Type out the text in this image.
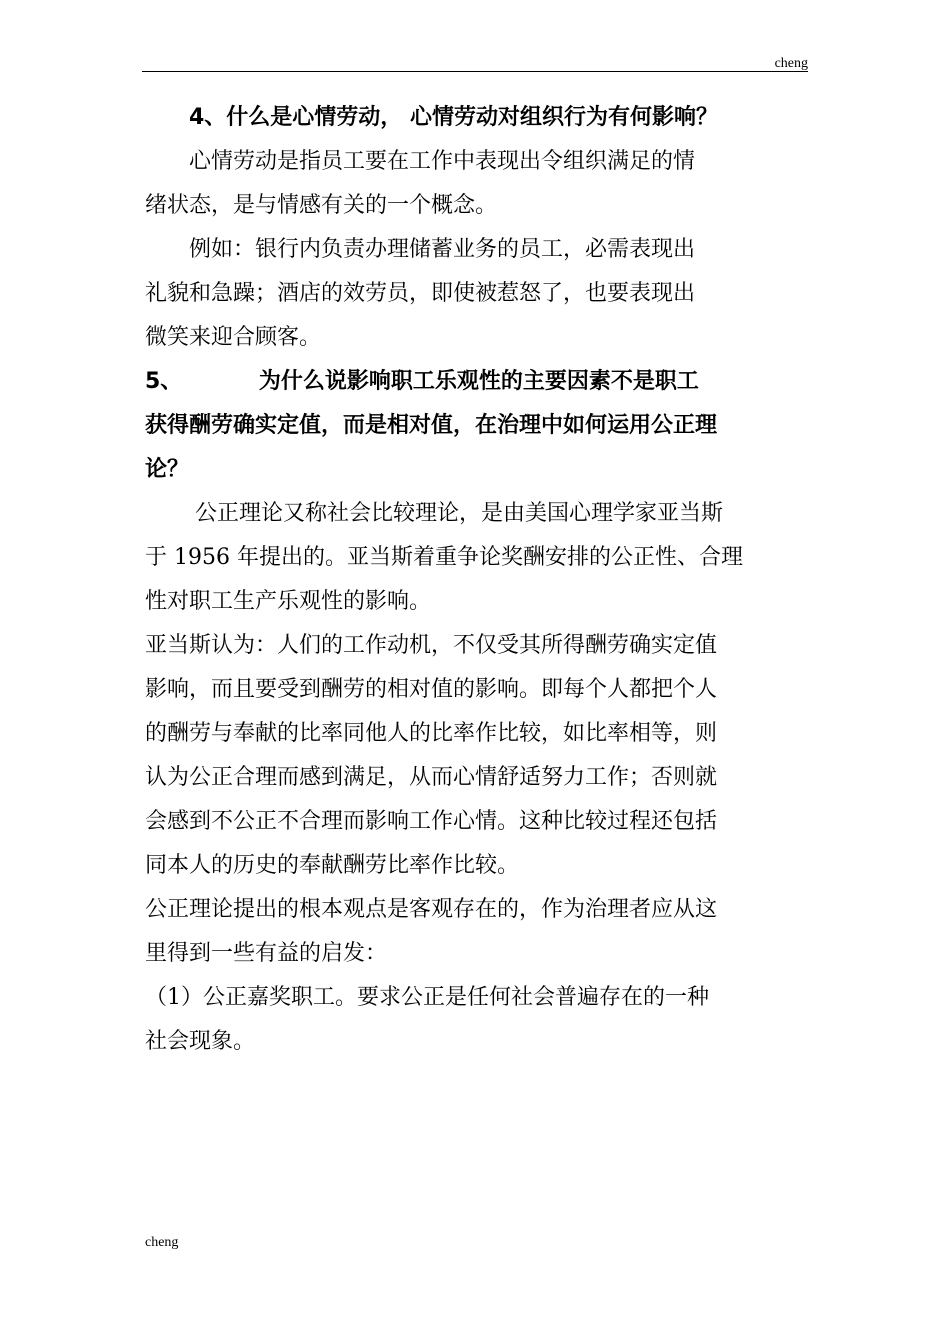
cheng
4、什么是心情劳动， 心情劳动对组织行为有何影响？
心情劳动是指员工要在工作中表现出令组织满足的情
绪状态，是与情感有关的一个概念。
例如：银行内负责办理储蓄业务的员工，必需表现出
礼貌和急躁；酒店的效劳员，即使被惹怒了，也要表现出
微笑来迎合顾客。
5、          为什么说影响职工乐观性的主要因素不是职工
获得酬劳确实定值，而是相对值，在治理中如何运用公正理
论？
公正理论又称社会比较理论，是由美国心理学家亚当斯
于 1956 年提出的。亚当斯着重争论奖酬安排的公正性、合理
性对职工生产乐观性的影响。
亚当斯认为：人们的工作动机，不仅受其所得酬劳确实定值
影响，而且要受到酬劳的相对值的影响。即每个人都把个人
的酬劳与奉献的比率同他人的比率作比较，如比率相等，则
认为公正合理而感到满足，从而心情舒适努力工作；否则就
会感到不公正不合理而影响工作心情。这种比较过程还包括
同本人的历史的奉献酬劳比率作比较。
公正理论提出的根本观点是客观存在的，作为治理者应从这
里得到一些有益的启发：
（1）公正嘉奖职工。要求公正是任何社会普遍存在的一种
社会现象。
cheng
